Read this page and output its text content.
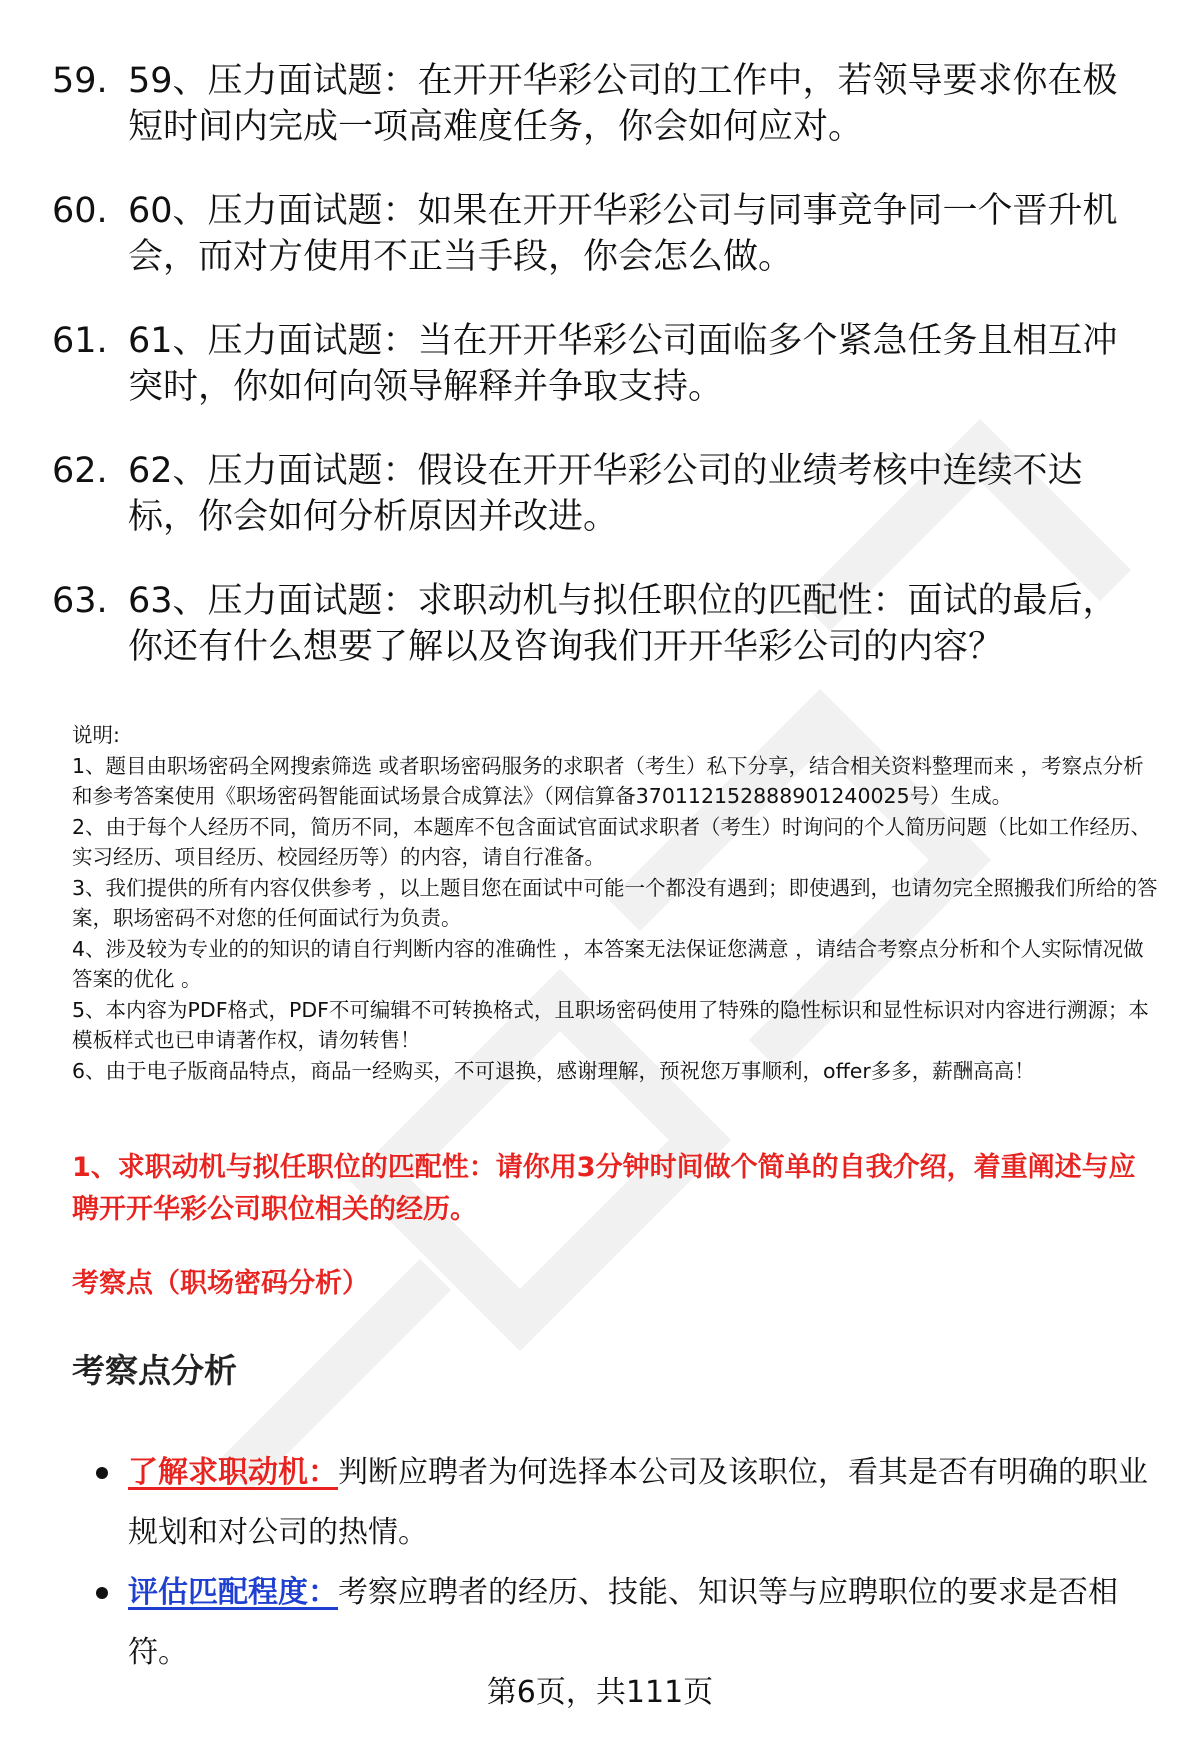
59. 59、压力面试题：在开开华彩公司的工作中，若领导要求你在极短时间内完成一项高难度任务，你会如何应对。
60. 60、压力面试题：如果在开开华彩公司与同事竞争同一个晋升机会，而对方使用不正当手段，你会怎么做。
61. 61、压力面试题：当在开开华彩公司面临多个紧急任务且相互冲突时，你如何向领导解释并争取支持。
62. 62、压力面试题：假设在开开华彩公司的业绩考核中连续不达标，你会如何分析原因并改进。
63. 63、压力面试题：求职动机与拟任职位的匹配性：面试的最后，你还有什么想要了解以及咨询我们开开华彩公司的内容？

说明:

1、题目由职场密码全网搜索筛选 或者职场密码服务的求职者（考生）私下分享，结合相关资料整理而来 ，考察点分析和参考答案使用《职场密码智能面试场景合成算法》（网信算备370112152888901240025号）生成。

2、由于每个人经历不同，简历不同，本题库不包含面试官面试求职者（考生）时询问的个人简历问题（比如工作经历、实习经历、项目经历、校园经历等）的内容，请自行准备。

3、我们提供的所有内容仅供参考 ，以上题目您在面试中可能一个都没有遇到；即使遇到，也请勿完全照搬我们所给的答案，职场密码不对您的任何面试行为负责。

4、涉及较为专业的的知识的请自行判断内容的准确性 ，本答案无法保证您满意 ，请结合考察点分析和个人实际情况做答案的优化 。

5、本内容为PDF格式，PDF不可编辑不可转换格式，且职场密码使用了特殊的隐性标识和显性标识对内容进行溯源；本模板样式也已申请著作权，请勿转售！

6、由于电子版商品特点，商品一经购买，不可退换，感谢理解，预祝您万事顺利，offer多多，薪酬高高！

1、求职动机与拟任职位的匹配性：请你用3分钟时间做个简单的自我介绍，着重阐述与应聘开开华彩公司职位相关的经历。
考察点（职场密码分析）
考察点分析
了解求职动机：判断应聘者为何选择本公司及该职位，看其是否有明确的职业规划和对公司的热情。
评估匹配程度：考察应聘者的经历、技能、知识等与应聘职位的要求是否相符。
第6页，共111页
